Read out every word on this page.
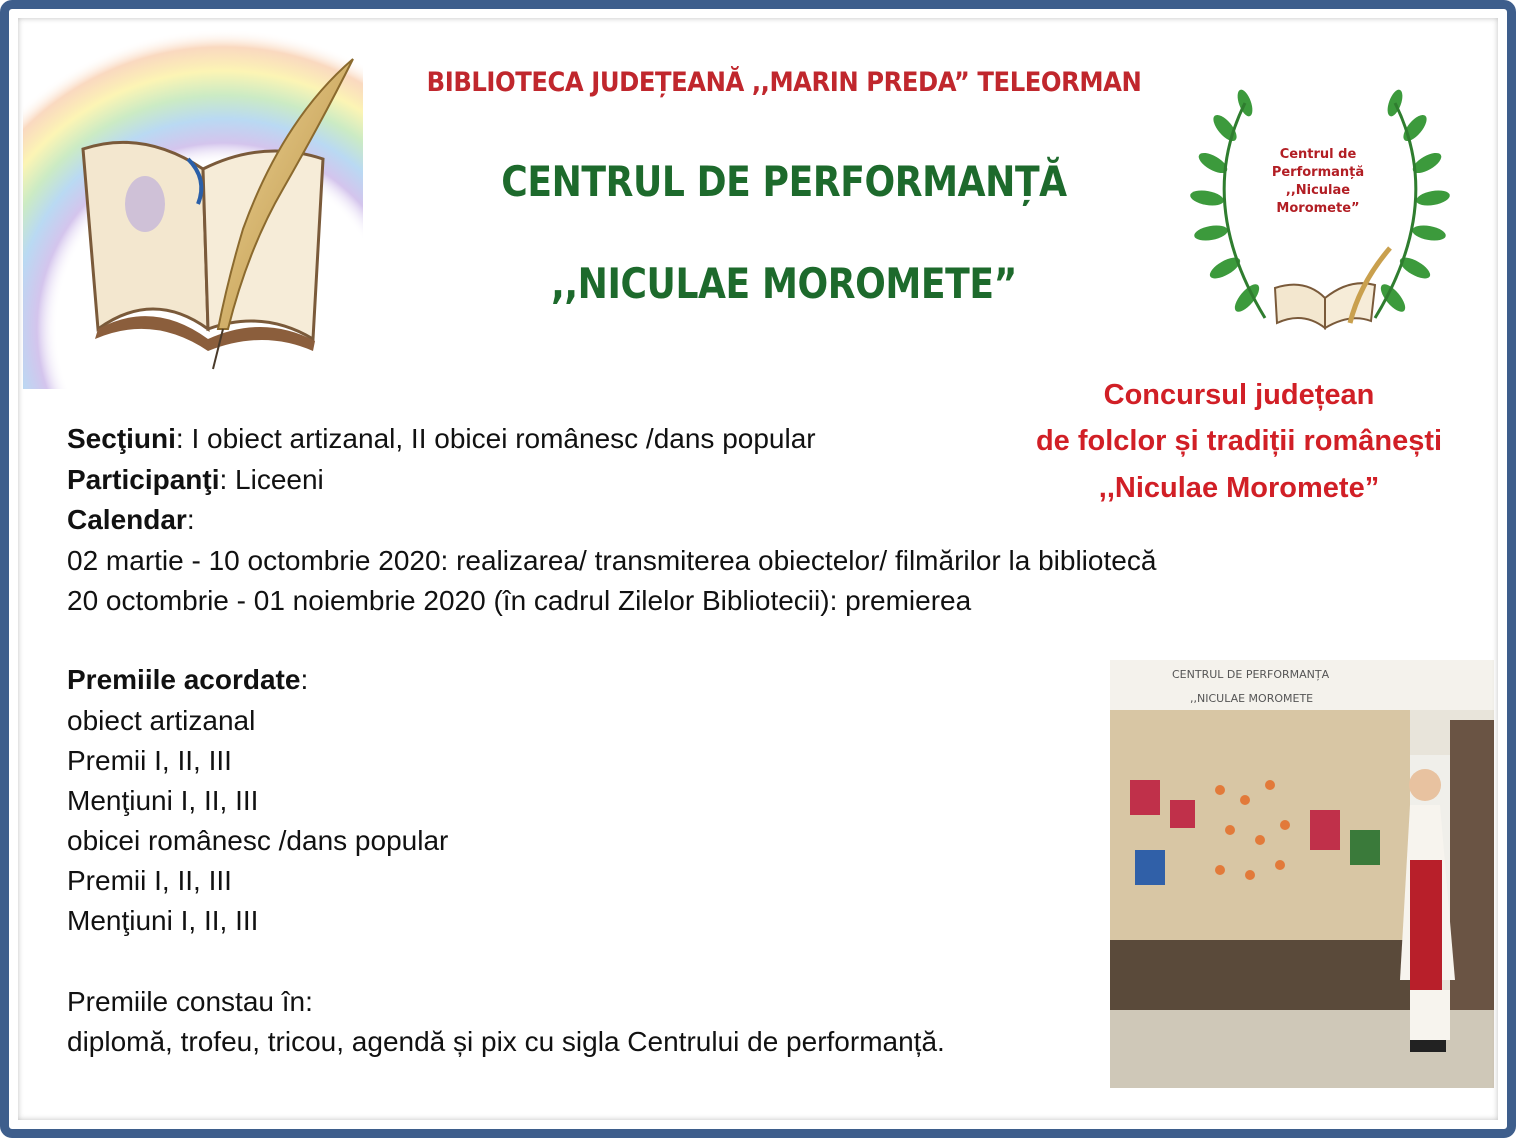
BIBLIOTECA JUDEȚEANĂ ,,MARIN PREDA” TELEORMAN
CENTRUL DE PERFORMANȚĂ
,,NICULAE MOROMETE”
Centrul de
Performanță
,,Niculae
Moromete”
Concursul județean
de folclor și tradiții românești
,,Niculae Moromete”
Secţiuni: I obiect artizanal, II obicei românesc /dans popular
Participanţi: Liceeni
Calendar:
02 martie - 10 octombrie 2020: realizarea/ transmiterea obiectelor/ filmărilor la bibliotecă
20 octombrie - 01 noiembrie 2020 (în cadrul Zilelor Bibliotecii): premierea
Premiile acordate:
obiect artizanal
Premii I, II, III
Menţiuni I, II, III
obicei românesc /dans popular
Premii I, II, III
Menţiuni I, II, III
Premiile constau în:
diplomă, trofeu, tricou, agendă și pix cu sigla Centrului de performanță.
CENTRUL DE PERFORMANȚA
,,NICULAE MOROMETE
